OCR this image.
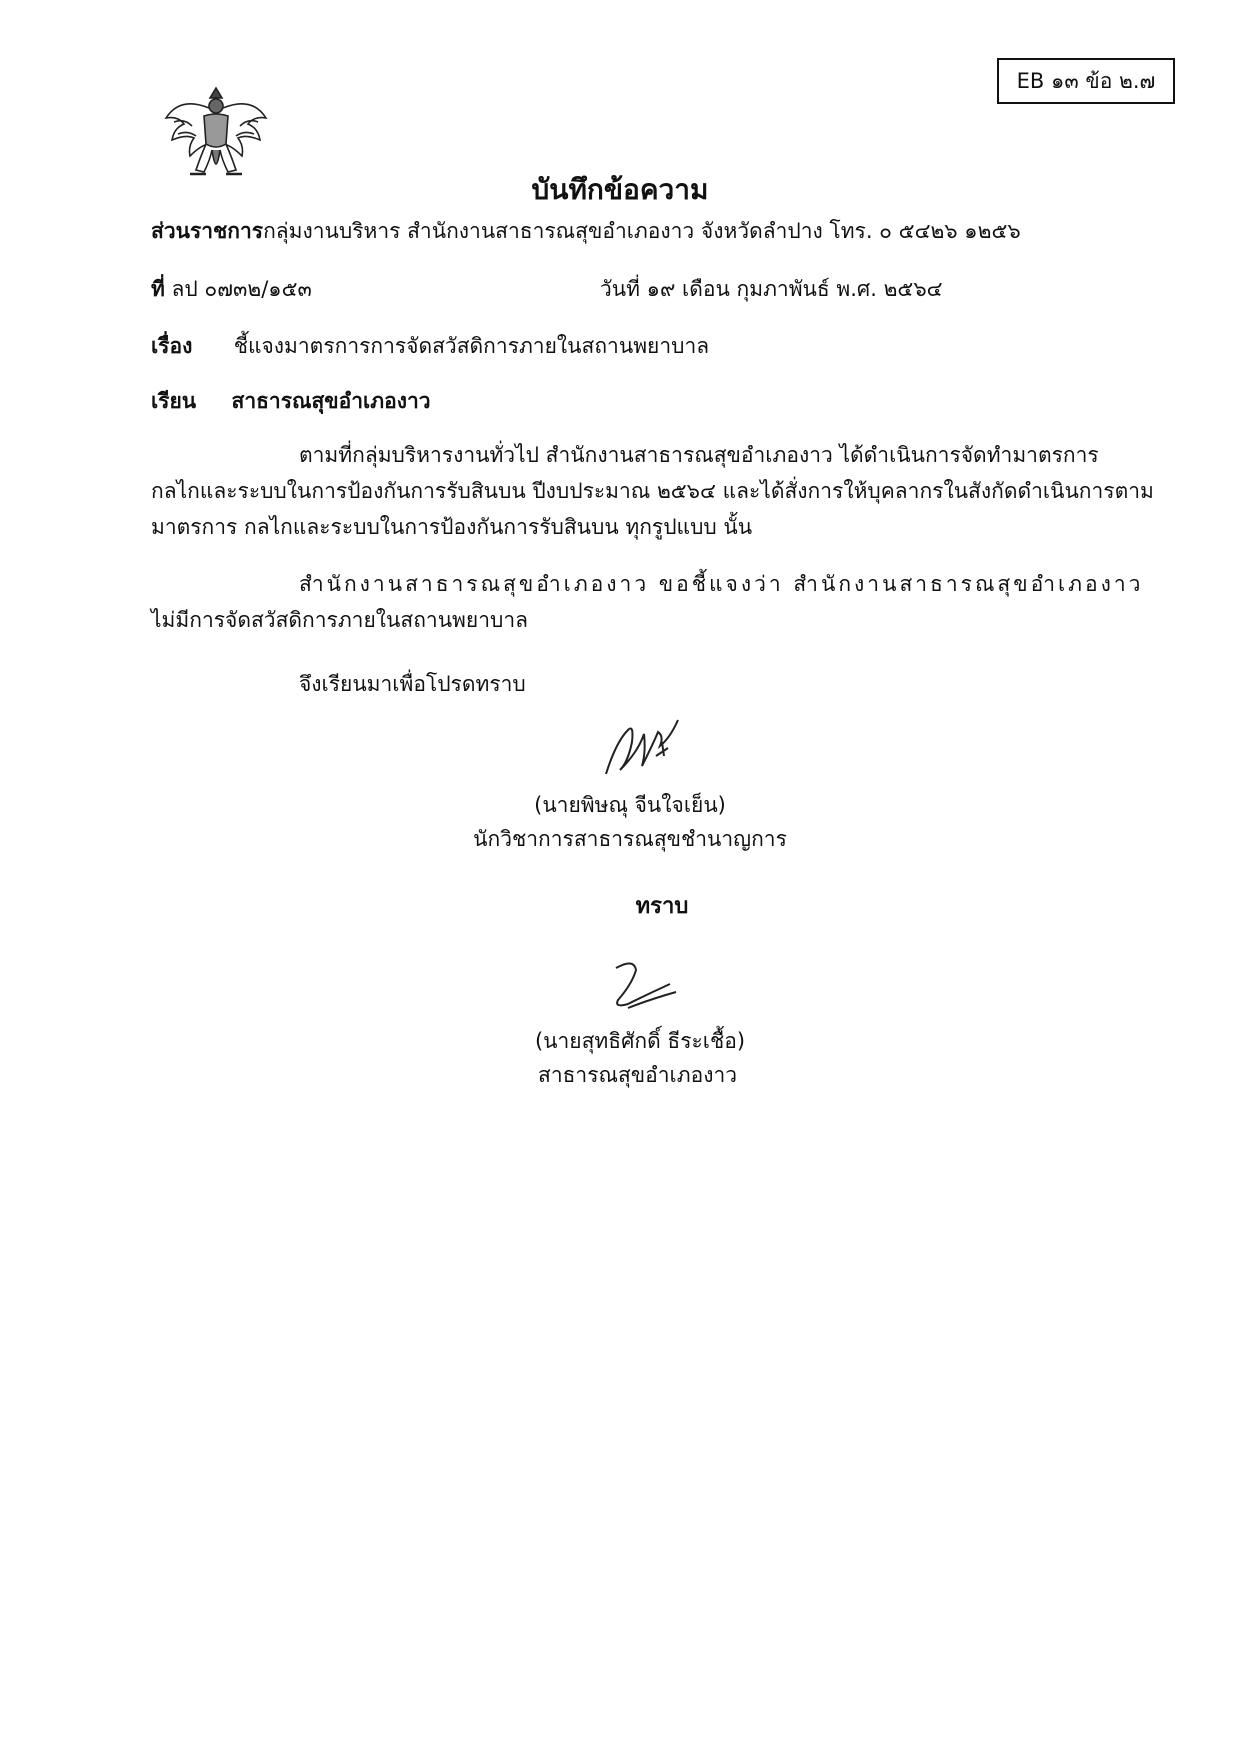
EB ๑๓ ข้อ ๒.๗
บันทึกข้อความ
ส่วนราชการกลุ่มงานบริหาร สำนักงานสาธารณสุขอำเภองาว จังหวัดลำปาง โทร. ๐ ๕๔๒๖ ๑๒๕๖
ที่ ลป ๐๗๓๒/๑๕๓	วันที่ ๑๙ เดือน กุมภาพันธ์ พ.ศ. ๒๕๖๔
เรื่อง ชี้แจงมาตรการการจัดสวัสดิการภายในสถานพยาบาล
เรียน สาธารณสุขอำเภองาว
ตามที่กลุ่มบริหารงานทั่วไป สำนักงานสาธารณสุขอำเภองาว ได้ดำเนินการจัดทำมาตรการ
กลไกและระบบในการป้องกันการรับสินบน ปีงบประมาณ ๒๕๖๔ และได้สั่งการให้บุคลากรในสังกัดดำเนินการตาม
มาตรการ กลไกและระบบในการป้องกันการรับสินบน ทุกรูปแบบ นั้น
สำนักงานสาธารณสุขอำเภองาว ขอชี้แจงว่า สำนักงานสาธารณสุขอำเภองาว
ไม่มีการจัดสวัสดิการภายในสถานพยาบาล
จึงเรียนมาเพื่อโปรดทราบ
(นายพิษณุ จีนใจเย็น)
นักวิชาการสาธารณสุขชำนาญการ
ทราบ
(นายสุทธิศักดิ์ ธีระเชื้อ)
สาธารณสุขอำเภองาว
